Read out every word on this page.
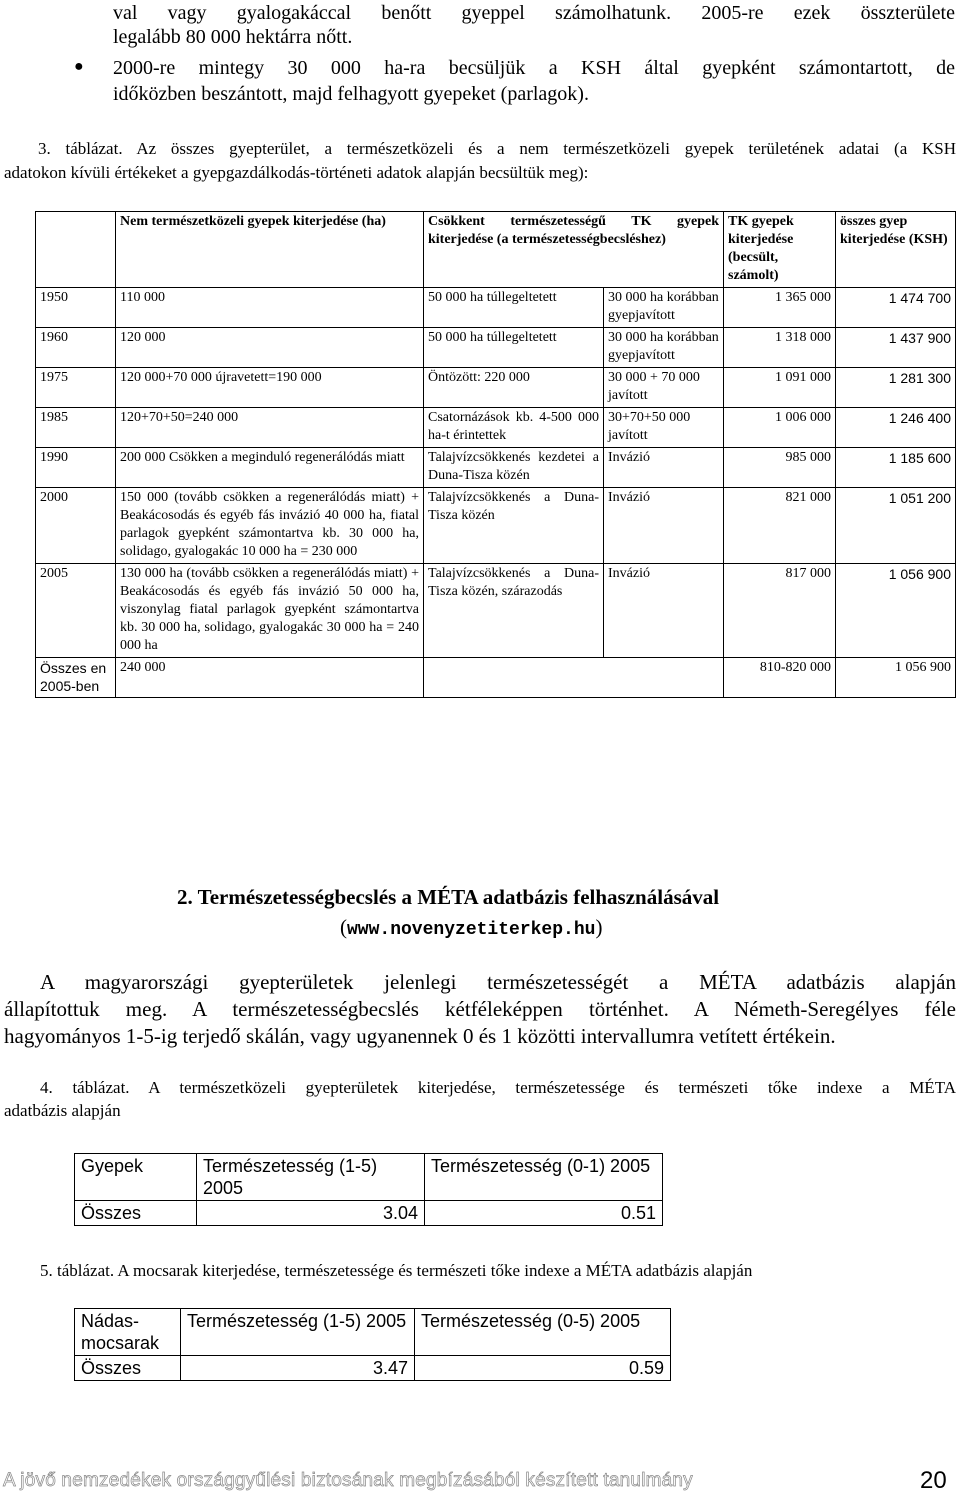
val vagy gyalogakáccal benőtt gyeppel számolhatunk. 2005-re ezek összterülete
legalább 80 000 hektárra nőtt.
● 2000-re mintegy 30 000 ha-ra becsüljük a KSH által gyepként számontartott, de
időközben beszántott, majd felhagyott gyepeket (parlagok).
3. táblázat. Az összes gyepterület, a természetközeli és a nem természetközeli gyepek területének adatai (a KSH
adatokon kívüli értékeket a gyepgazdálkodás-történeti adatok alapján becsültük meg):
	Nem természetközeli gyepek kiterjedése (ha)	Csökkent természetességű TK gyepek kiterjedése (a természetességbecsléshez)		TK gyepek kiterjedése (becsült, számolt)	összes gyep kiterjedése (KSH)
1950	110 000	50 000 ha túllegeltetett	30 000 ha korábban gyepjavított	1 365 000	1 474 700
1960	120 000	50 000 ha túllegeltetett	30 000 ha korábban gyepjavított	1 318 000	1 437 900
1975	120 000+70 000 újravetett=190 000	Öntözött: 220 000	30 000 + 70 000 javított	1 091 000	1 281 300
1985	120+70+50=240 000	Csatornázások kb. 4-500 000 ha-t érintettek	30+70+50 000 javított	1 006 000	1 246 400
1990	200 000 Csökken a meginduló regenerálódás miatt	Talajvízcsökkenés kezdetei a Duna-Tisza közén	Invázió	985 000	1 185 600
2000	150 000 (tovább csökken a regenerálódás miatt) + Beakácosodás és egyéb fás invázió 40 000 ha, fiatal parlagok gyepként számontartva kb. 30 000 ha, solidago, gyalogakác 10 000 ha = 230 000	Talajvízcsökkenés a Duna-Tisza közén	Invázió	821 000	1 051 200
2005	130 000 ha (tovább csökken a regenerálódás miatt) + Beakácosodás és egyéb fás invázió 50 000 ha, viszonylag fiatal parlagok gyepként számontartva kb. 30 000 ha, solidago, gyalogakác 30 000 ha = 240 000 ha	Talajvízcsökkenés a Duna-Tisza közén, szárazodás	Invázió	817 000	1 056 900
Összes en 2005-ben	240 000			810-820 000	1 056 900
2. Természetességbecslés a MÉTA adatbázis felhasználásával
(www.novenyzetiterkep.hu)
A magyarországi gyepterületek jelenlegi természetességét a MÉTA adatbázis alapján
állapítottuk meg. A természetességbecslés kétféleképpen történhet. A Németh-Seregélyes féle
hagyományos 1-5-ig terjedő skálán, vagy ugyanennek 0 és 1 közötti intervallumra vetített értékein.
4. táblázat. A természetközeli gyepterületek kiterjedése, természetessége és természeti tőke indexe a MÉTA
adatbázis alapján
Gyepek	Természetesség (1-5) 2005	Természetesség (0-1) 2005
Összes	3.04	0.51
5. táblázat. A mocsarak kiterjedése, természetessége és természeti tőke indexe a MÉTA adatbázis alapján
Nádas-mocsarak	Természetesség (1-5) 2005	Természetesség (0-5) 2005
Összes	3.47	0.59
A jövő nemzedékek országgyűlési biztosának megbízásából készített tanulmány	20
